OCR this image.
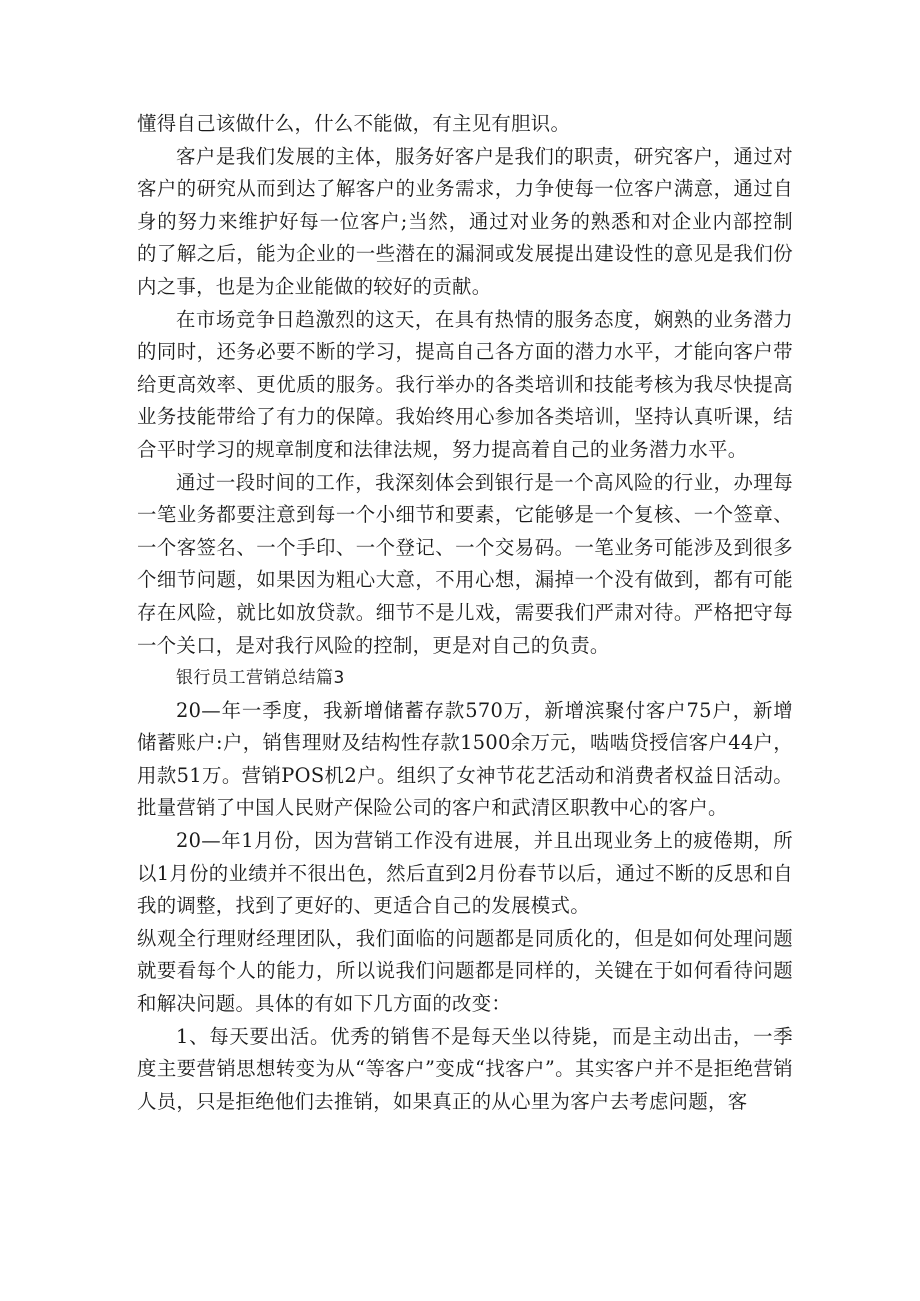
懂得自己该做什么，什么不能做，有主见有胆识。

客户是我们发展的主体，服务好客户是我们的职责，研究客户，通过对客户的研究从而到达了解客户的业务需求，力争使每一位客户满意，通过自身的努力来维护好每一位客户;当然，通过对业务的熟悉和对企业内部控制的了解之后，能为企业的一些潜在的漏洞或发展提出建设性的意见是我们份内之事，也是为企业能做的较好的贡献。

在市场竞争日趋激烈的这天，在具有热情的服务态度，娴熟的业务潜力的同时，还务必要不断的学习，提高自己各方面的潜力水平，才能向客户带给更高效率、更优质的服务。我行举办的各类培训和技能考核为我尽快提高业务技能带给了有力的保障。我始终用心参加各类培训，坚持认真听课，结合平时学习的规章制度和法律法规，努力提高着自己的业务潜力水平。

通过一段时间的工作，我深刻体会到银行是一个高风险的行业，办理每一笔业务都要注意到每一个小细节和要素，它能够是一个复核、一个签章、一个客签名、一个手印、一个登记、一个交易码。一笔业务可能涉及到很多个细节问题，如果因为粗心大意，不用心想，漏掉一个没有做到，都有可能存在风险，就比如放贷款。细节不是儿戏，需要我们严肃对待。严格把守每一个关口，是对我行风险的控制，更是对自己的负责。

银行员工营销总结篇3

20—年一季度，我新增储蓄存款570万，新增滨聚付客户75户，新增储蓄账户:户，销售理财及结构性存款1500余万元，啮啮贷授信客户44户，用款51万。营销POS机2户。组织了女神节花艺活动和消费者权益日活动。批量营销了中国人民财产保险公司的客户和武清区职教中心的客户。

20—年1月份，因为营销工作没有进展，并且出现业务上的疲倦期，所以1月份的业绩并不很出色，然后直到2月份春节以后，通过不断的反思和自我的调整，找到了更好的、更适合自己的发展模式。

纵观全行理财经理团队，我们面临的问题都是同质化的，但是如何处理问题就要看每个人的能力，所以说我们问题都是同样的，关键在于如何看待问题和解决问题。具体的有如下几方面的改变：

1、每天要出活。优秀的销售不是每天坐以待毙，而是主动出击，一季度主要营销思想转变为从“等客户”变成“找客户”。其实客户并不是拒绝营销人员，只是拒绝他们去推销，如果真正的从心里为客户去考虑问题，客
